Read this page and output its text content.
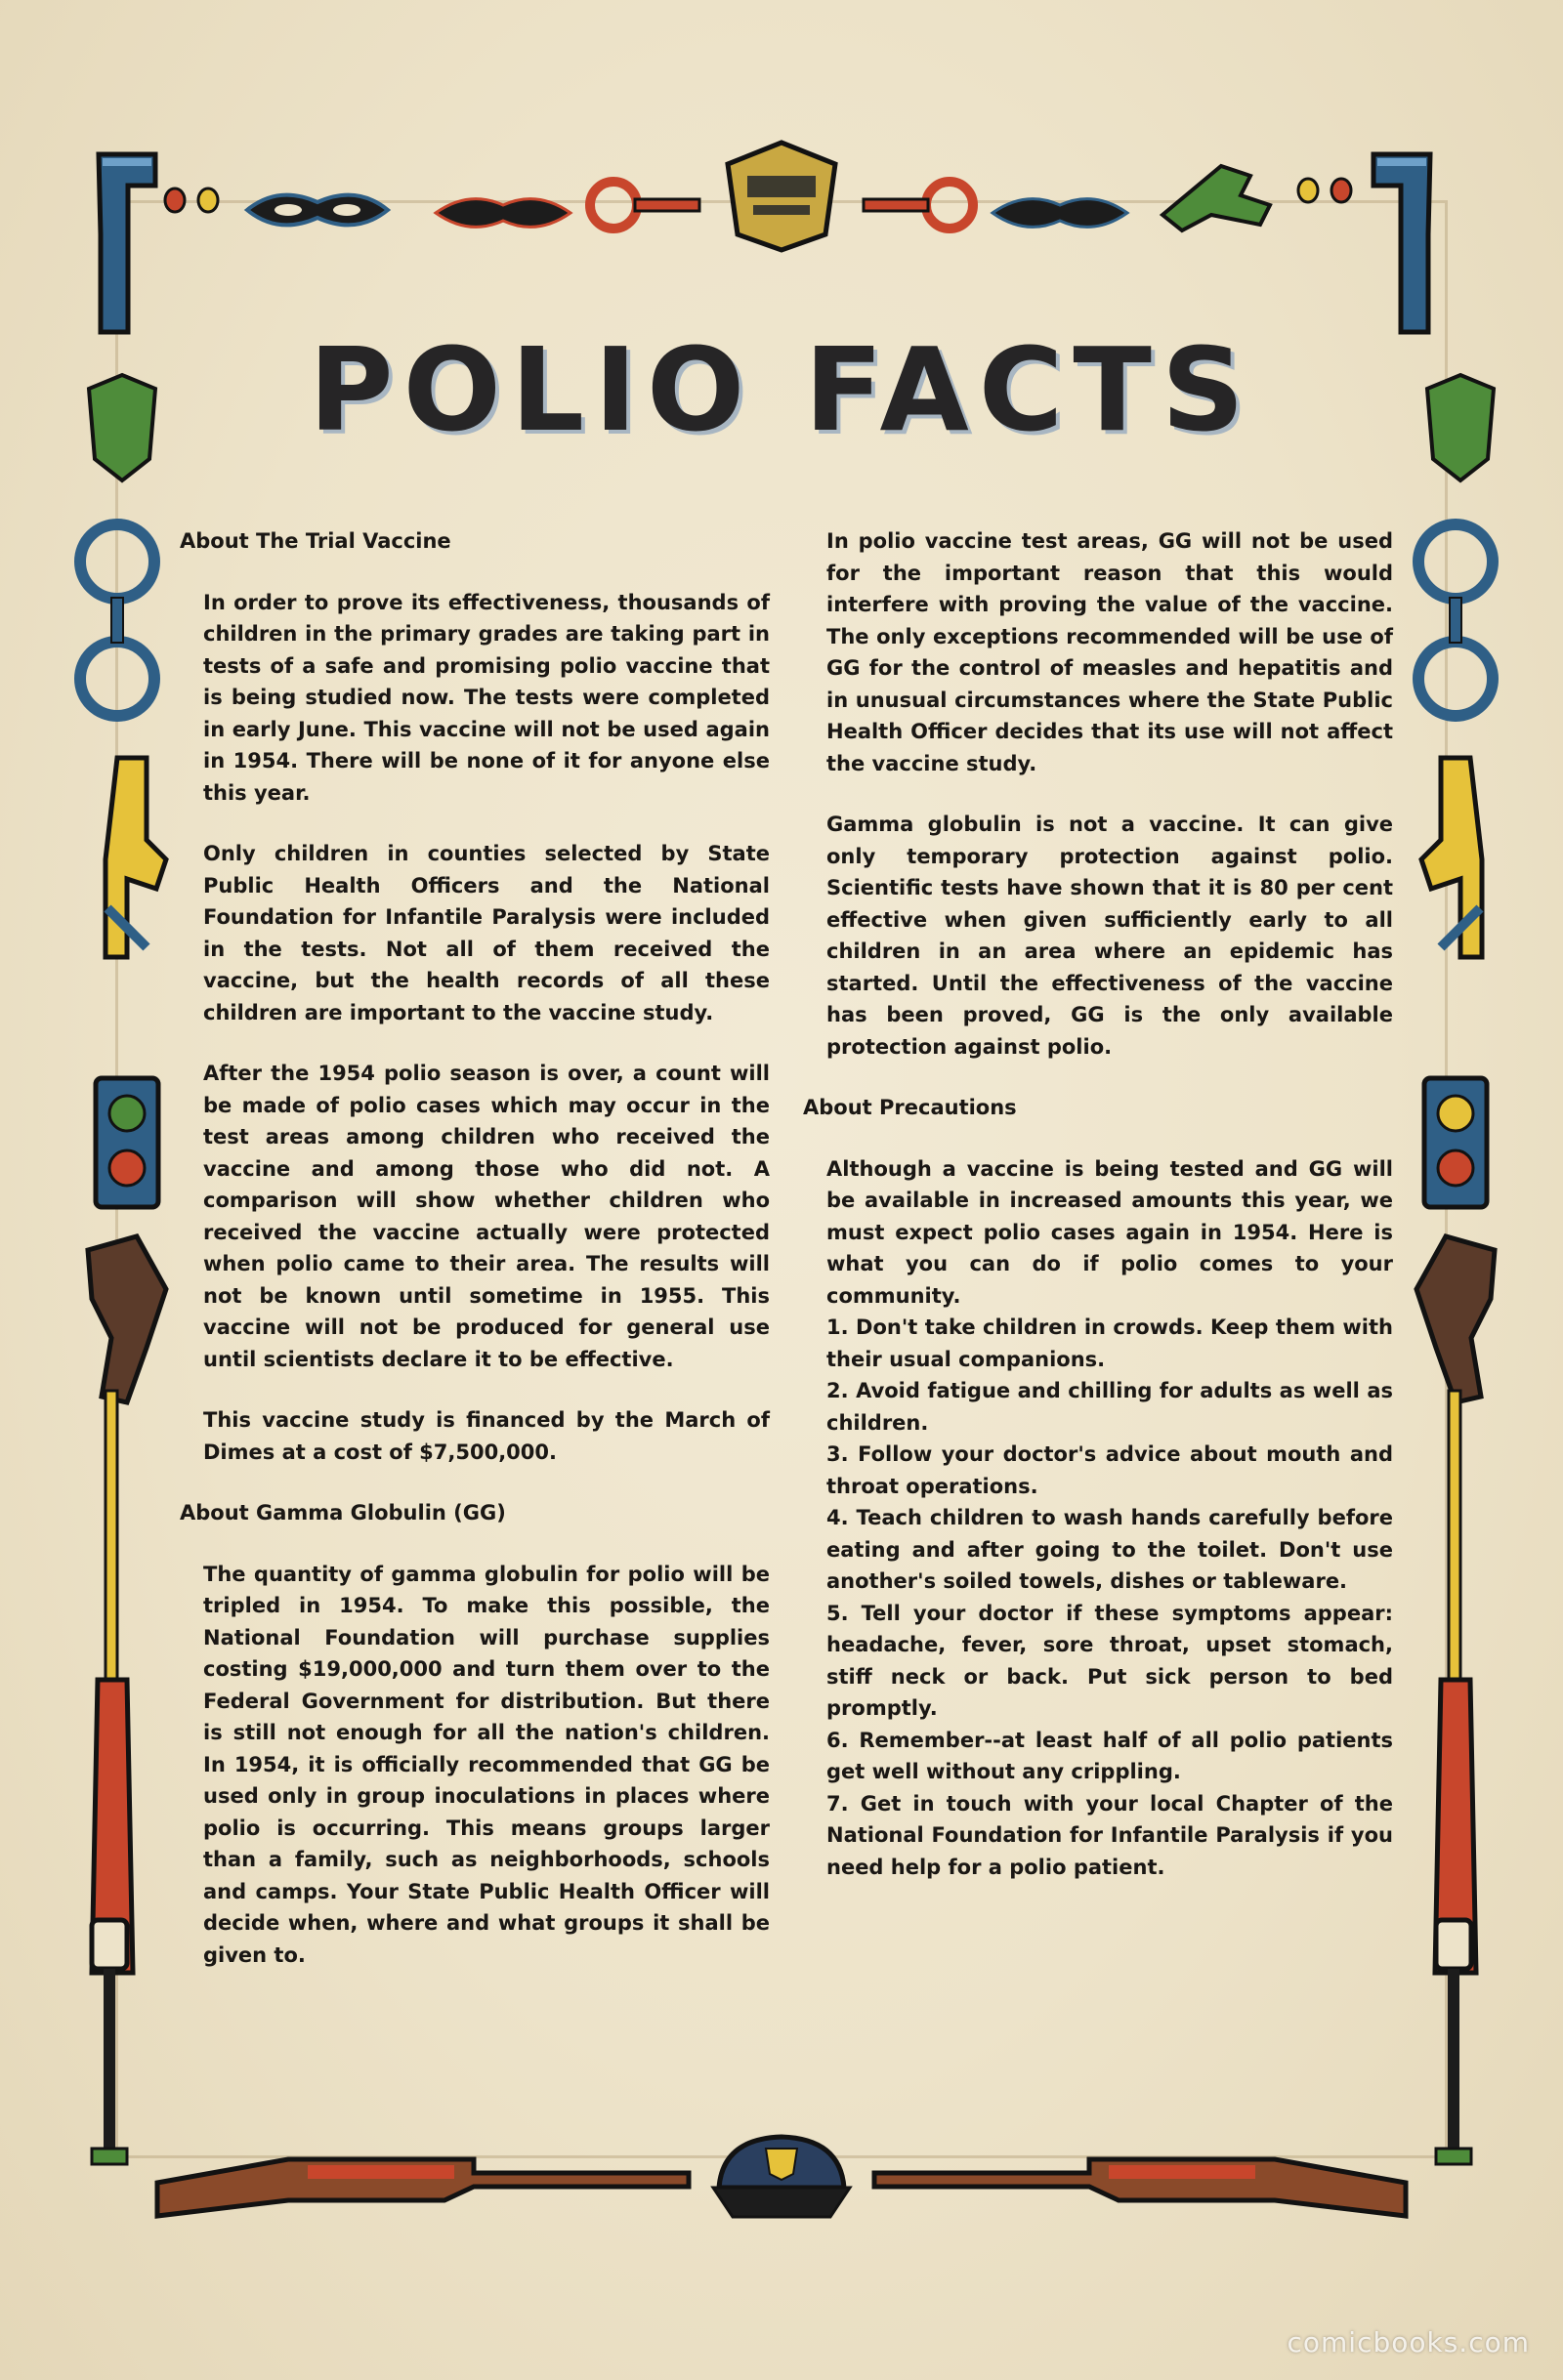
POLIO FACTS
About The Trial Vaccine

In order to prove its effectiveness, thousands of children in the primary grades are taking part in tests of a safe and promising polio vaccine that is being studied now. The tests were completed in early June. This vaccine will not be used again in 1954. There will be none of it for anyone else this year.

Only children in counties selected by State Public Health Officers and the National Foundation for Infantile Paralysis were included in the tests. Not all of them received the vaccine, but the health records of all these children are important to the vaccine study.

After the 1954 polio season is over, a count will be made of polio cases which may occur in the test areas among children who received the vaccine and among those who did not. A comparison will show whether children who received the vaccine actually were protected when polio came to their area. The results will not be known until sometime in 1955. This vaccine will not be produced for general use until scientists declare it to be effective.

This vaccine study is financed by the March of Dimes at a cost of $7,500,000.

About Gamma Globulin (GG)

The quantity of gamma globulin for polio will be tripled in 1954. To make this possible, the National Foundation will purchase supplies costing $19,000,000 and turn them over to the Federal Government for distribution. But there is still not enough for all the nation's children. In 1954, it is officially recommended that GG be used only in group inoculations in places where polio is occurring. This means groups larger than a family, such as neighborhoods, schools and camps. Your State Public Health Officer will decide when, where and what groups it shall be given to.

In polio vaccine test areas, GG will not be used for the important reason that this would interfere with proving the value of the vaccine. The only exceptions recommended will be use of GG for the control of measles and hepatitis and in unusual circumstances where the State Public Health Officer decides that its use will not affect the vaccine study.

Gamma globulin is not a vaccine. It can give only temporary protection against polio. Scientific tests have shown that it is 80 per cent effective when given sufficiently early to all children in an area where an epidemic has started. Until the effectiveness of the vaccine has been proved, GG is the only available protection against polio.

About Precautions

Although a vaccine is being tested and GG will be available in increased amounts this year, we must expect polio cases again in 1954. Here is what you can do if polio comes to your community.

1. Don't take children in crowds. Keep them with their usual companions.
2. Avoid fatigue and chilling for adults as well as children.
3. Follow your doctor's advice about mouth and throat operations.
4. Teach children to wash hands carefully before eating and after going to the toilet. Don't use another's soiled towels, dishes or tableware.
5. Tell your doctor if these symptoms appear: headache, fever, sore throat, upset stomach, stiff neck or back. Put sick person to bed promptly.
6. Remember--at least half of all polio patients get well without any crippling.
7. Get in touch with your local Chapter of the National Foundation for Infantile Paralysis if you need help for a polio patient.
comicbooks.com
